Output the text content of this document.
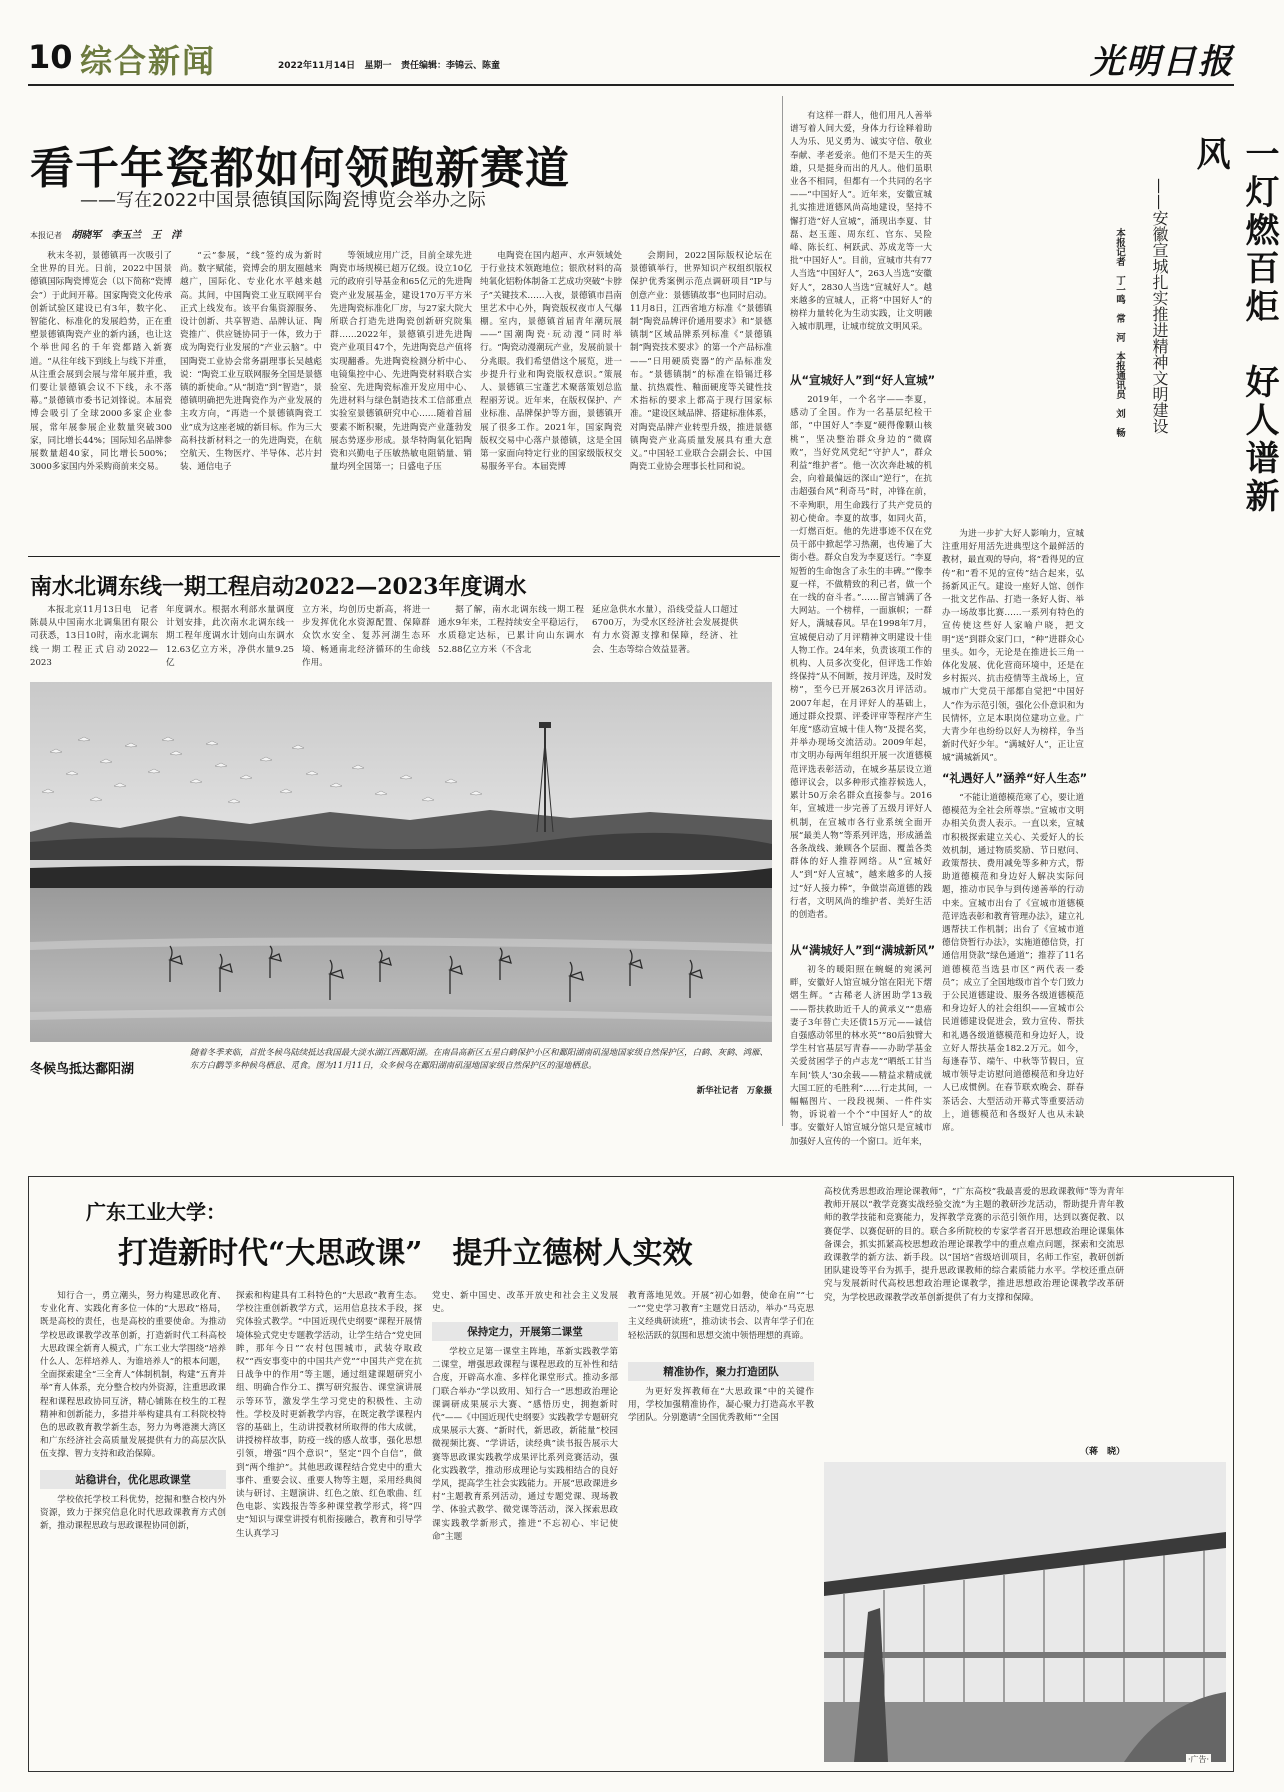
10 综合新闻	2022年11月14日 星期一 责任编辑：李锦云、陈童	光明日报
看千年瓷都如何领跑新赛道
——写在2022中国景德镇国际陶瓷博览会举办之际
本报记者 胡晓军　李玉兰　王　洋
秋末冬初，景德镇再一次吸引了全世界的目光。日前，2022中国景德镇国际陶瓷博览会（以下简称“瓷博会”）于此间开幕。国家陶瓷文化传承创新试验区建设已有3年，数字化、智能化、标准化的发展趋势，正在重塑景德镇陶瓷产业的新内涵，也让这个举世闻名的千年瓷都踏入新赛道。“从往年线下到线上与线下并重，从注重会展到会展与常年展并重，我们要让景德镇会议不下线，永不落幕。”景德镇市委书记刘锋说。本届瓷博会吸引了全球2000多家企业参展，常年展参展企业数量突破300家，同比增长44%；国际知名品牌参展数量超40家，同比增长500%；3000多家国内外采购商前来交易。
“云”参展，“线”签约成为新时尚。数字赋能，瓷博会的朋友圈越来越广，国际化、专业化水平越来越高。其间，中国陶瓷工业互联网平台正式上线发布。该平台集资源服务、设计创新、共享智造、品牌认证、陶瓷推广、供应链协同于一体，致力于成为陶瓷行业发展的“产业云脑”。中国陶瓷工业协会常务副理事长吴越彪说：“陶瓷工业互联网服务全国是景德镇的新使命。”从“制造”到“智造”，景德镇明确把先进陶瓷作为产业发展的主攻方向，“再造一个景德镇陶瓷工业”成为这座老城的新目标。作为三大高科技新材料之一的先进陶瓷，在航空航天、生物医疗、半导体、芯片封装、通信电子
等领域应用广泛，目前全球先进陶瓷市场规模已超万亿级。设立10亿元的政府引导基金和65亿元的先进陶瓷产业发展基金，建设170万平方米先进陶瓷标准化厂房，与27家大院大所联合打造先进陶瓷创新研究院集群……2022年，景德镇引进先进陶瓷产业项目47个，先进陶瓷总产值将实现翻番。先进陶瓷检测分析中心、电镜集控中心、先进陶瓷材料联合实验室、先进陶瓷标准开发应用中心、先进材料与绿色制造技术工信部重点实验室景德镇研究中心……随着首届要素不断积聚，先进陶瓷产业蓬勃发展态势逐步形成。景华特陶氧化铝陶瓷和兴勤电子压敏热敏电阻销量、销量均列全国第一；日盛电子压
电陶瓷在国内超声、水声领域处于行业技术领跑地位；银欣材料的高纯氧化铝粉体制备工艺成功突破“卡脖子”关键技术……入夜，景德镇市昌南里艺术中心外，陶瓷版权夜市人气爆棚。室内，景德镇首届青年潮玩展——“国潮陶瓷·玩动漫”同时举行。“陶瓷动漫潮玩产业，发展前景十分兆眼。我们希望借这个展览，进一步提升行业和陶瓷版权意识。”策展人、景德镇三宝蓬艺术聚落策划总监程丽芳说。近年来，在版权保护、产业标准、品牌保护等方面，景德镇开展了很多工作。2021年，国家陶瓷版权交易中心落户景德镇，这是全国第一家面向特定行业的国家级版权交易服务平台。本届瓷博
会期间，2022国际版权论坛在景德镇举行，世界知识产权组织版权保护优秀案例示范点调研项目“IP与创意产业：景德镇故事”也同时启动。11月8日，江西省地方标准《“景德镇制”陶瓷品牌评价通用要求》和“景德镇制”区域品牌系列标准《“景德镇制”陶瓷技术要求》的第一个产品标准——“日用硬质瓷器”的产品标准发布。“景德镇制”的标准在铅镉迁移量、抗热震性、釉面硬度等关键性技术指标的要求上都高于现行国家标准。“建设区域品牌、搭建标准体系，对陶瓷品牌产业转型升级，推进景德镇陶瓷产业高质量发展具有重大意义。”中国轻工业联合会副会长、中国陶瓷工业协会理事长杜同和说。
南水北调东线一期工程启动2022—2023年度调水
本报北京11月13日电　记者陈晨从中国南水北调集团有限公司获悉，13日10时，南水北调东线一期工程正式启动2022—2023
年度调水。根据水利部水量调度计划安排，此次南水北调东线一期工程年度调水计划向山东调水12.63亿立方米，净供水量9.25亿
立方米，均创历史新高，将进一步发挥优化水资源配置、保障群众饮水安全、复苏河湖生态环境、畅通南北经济循环的生命线作用。
据了解，南水北调东线一期工程通水9年来，工程持续安全平稳运行，水质稳定达标，已累计向山东调水52.88亿立方米（不含北
延应急供水水量），沿线受益人口超过6700万，为受水区经济社会发展提供有力水资源支撑和保障，经济、社会、生态等综合效益显著。
冬候鸟抵达鄱阳湖
随着冬季来临，首批冬候鸟陆续抵达我国最大淡水湖江西鄱阳湖。在南昌高新区五星白鹤保护小区和鄱阳湖南矶湿地国家级自然保护区，白鹤、灰鹤、鸿雁、东方白鹳等多种候鸟栖息、觅食。图为11月11日，众多候鸟在鄱阳湖南矶湿地国家级自然保护区的湿地栖息。
新华社记者　万象摄
一灯燃百炬　好人谱新风
——安徽宣城扎实推进精神文明建设
本报记者　丁一鸣　常　河　本报通讯员　刘　畅
有这样一群人，他们用凡人善举谱写着人间大爱，身体力行诠释着助人为乐、见义勇为、诚实守信、敬业奉献、孝老爱亲。他们不是天生的英雄，只是挺身而出的凡人。他们虽职业各不相同，但都有一个共同的名字——“中国好人”。近年来，安徽宣城扎实推进道德风尚高地建设，坚持不懈打造“好人宣城”，涌现出李夏、甘磊、赵玉莲、周东红、官东、吴险峰、陈长红、柯跃武、苏成龙等一大批“中国好人”。目前，宣城市共有77人当选“中国好人”，263人当选“安徽好人”，2830人当选“宣城好人”。越来越多的宣城人，正将“中国好人”的榜样力量转化为生动实践，让文明融入城市肌理，让城市绽放文明风采。
从“宣城好人”到“好人宣城”
2019年，一个名字——李夏，感动了全国。作为一名基层纪检干部，“中国好人”李夏“硬得像颗山核桃”，坚决整治群众身边的“微腐败”，当好党风党纪“守护人”，群众利益“维护者”。他一次次奔赴城的机会，向着最偏远的深山“逆行”，在抗击超强台风“利奇马”时，冲锋在前，不幸殉职，用生命践行了共产党员的初心使命。李夏的故事，如同火苗，一灯燃百炬。他的先进事迹不仅在党员干部中掀起学习热潮，也传遍了大街小巷。群众自发为李夏送行。“李夏短暂的生命饱含了永生的丰碑。”“像李夏一样，不做精致的利己者，做一个在一线的奋斗者。”……留言铺满了各大网站。一个榜样，一面旗帜；一群好人，满城春风。早在1998年7月，宣城便启动了月评精神文明建设十佳人物工作。24年来，负责该项工作的机构、人员多次变化，但评选工作始终保持“从不间断，按月评选，及时发榜”，至今已开展263次月评活动。2007年起，在月评好人的基础上，通过群众投票、评委评审等程序产生年度“感动宣城十佳人物”及提名奖，并举办现场交流活动。2009年起，市文明办每两年组织开展一次道德模范评选表彰活动，在城乡基层设立道德评议会，以多种形式推荐候选人，累计50万余名群众直接参与。2016年，宣城进一步完善了五级月评好人机制，在宣城市各行业系统全面开展“最美人物”等系列评选，形成涵盖各条战线、兼顾各个层面、覆盖各类群体的好人推荐网络。从“宣城好人”到“好人宣城”，越来越多的人接过“好人接力棒”，争做崇高道德的践行者，文明风尚的维护者、美好生活的创造者。
从“满城好人”到“满城新风”
初冬的暖阳照在蜿蜒的宛溪河畔，安徽好人馆宣城分馆在阳光下熠熠生辉。“古稀老人济困助学13载——帮扶救助近千人的黄承义”“患癌妻子3年替亡夫还债15万元——诚信自强感动邻里的林水英”“80后独臂大学生村官基层写青春——办助学基金关爱贫困学子的卢志龙”“晒纸工甘当车间‘铁人’30余载——精益求精成就大国工匠的毛胜利”……行走其间，一幅幅图片、一段段视频、一件件实物，诉说着一个个“中国好人”的故事。安徽好人馆宣城分馆只是宣城市加强好人宣传的一个窗口。近年来，
为进一步扩大好人影响力，宣城注重用好用活先进典型这个最鲜活的教材，最直观的导向，将“看得见的宣传”和“看不见的宣传”结合起来，弘扬新风正气。建设一座好人馆、创作一批文艺作品、打造一条好人街、举办一场故事比赛……一系列有特色的宣传使这些好人家喻户晓，把文明“送”到群众家门口，“种”进群众心里头。如今，无论是在推进长三角一体化发展、优化营商环境中，还是在乡村振兴、抗击疫情等主战场上，宣城市广大党员干部都自觉把“中国好人”作为示范引领，强化公仆意识和为民情怀，立足本职岗位建功立业。广大青少年也纷纷以好人为榜样，争当新时代好少年。“满城好人”，正让宣城“满城新风”。
“礼遇好人”涵养“好人生态”
“不能让道德模范寒了心，要让道德模范为全社会所尊崇。”宣城市文明办相关负责人表示。一直以来，宣城市积极探索建立关心、关爱好人的长效机制，通过物质奖励、节日慰问、政策帮扶、费用减免等多种方式，帮助道德模范和身边好人解决实际问题，推动市民争与到传递善举的行动中来。宣城市出台了《宣城市道德模范评选表彰和教育管理办法》，建立礼遇帮扶工作机制；出台了《宣城市道德信贷暂行办法》，实施道德信贷，打通信用贷款“绿色通道”；推荐了11名道德模范当选县市区“两代表一委员”；成立了全国地级市首个专门致力于公民道德建设、服务各级道德模范和身边好人的社会组织——宣城市公民道德建设促进会，致力宣传、帮扶和礼遇各级道德模范和身边好人，设立好人帮扶基金182.2万元。如今，每逢春节、端午、中秋等节假日，宣城市领导走访慰问道德模范和身边好人已成惯例。在春节联欢晚会、群春茶话会、大型活动开幕式等重要活动上，道德模范和各级好人也从未缺席。
广东工业大学：
打造新时代“大思政课”　提升立德树人实效
知行合一，勇立潮头，努力构建思政化育、专业化育、实践化育多位一体的“大思政”格局，既是高校的责任，也是高校的重要使命。为推动学校思政课教学改革创新，打造新时代工科高校大思政课全新育人模式，广东工业大学围绕“培养什么人、怎样培养人、为谁培养人”的根本问题，全面探索建全“三全育人”体制机制，构建“五育并举”育人体系，充分整合校内外资源，注重思政课程和课程思政协同互济，精心铺陈在校生的工程精神和创新能力，多措并举构建具有工科院校特色的思政教育教学新生态，努力为粤港澳大湾区和广东经济社会高质量发展提供有力的高层次队伍支撑、智力支持和政治保障。
站稳讲台，优化思政课堂
学校依托学校工科优势，挖掘和整合校内外资源，致力于探究信息化时代思政课教育方式创新，推动课程思政与思政课程协同创新，
探索和构建具有工科特色的“大思政”教育生态。学校注重创新教学方式，运用信息技术手段，探究体验式教学。“中国近现代史纲要”课程开展情境体验式党史专题教学活动，让学生结合“党史回眸，那年今日”“农村包围城市，武装夺取政权”“西安事变中的中国共产党”“中国共产党在抗日战争中的作用”等主题，通过组建课题研究小组、明确合作分工、撰写研究报告、课堂演讲展示等环节，激发学生学习党史的积极性、主动性。学校及时更新教学内容，在既定教学课程内容的基础上，生动讲授教材所取得的伟大成就，讲授榜样故事，防疫一线的感人故事，强化思想引领，增强“四个意识”，坚定“四个自信”，做到“两个维护”。其他思政课程结合党史中的重大事件、重要会议、重要人物等主题，采用经典阅读与研讨、主题演讲、红色之旅、红色歌曲、红色电影、实践报告等多种课堂教学形式，将“四史”知识与课堂讲授有机衔接融合，教育和引导学生认真学习
党史、新中国史、改革开放史和社会主义发展史。
保持定力，开展第二课堂
学校立足第一课堂主阵地，革新实践教学第二课堂，增强思政课程与课程思政的互补性和结合度，开辟高水准、多样化课堂形式。推动多部门联合举办“学以致用、知行合一”思想政治理论课调研成果展示大赛、“感悟历史，拥抱新时代”——《中国近现代史纲要》实践教学专题研究成果展示大赛、“新时代，新思政，新能量”校园微视频比赛、“学讲话，读经典”读书报告展示大赛等思政课实践教学成果评比系列竞赛活动，强化实践教学，推动形成理论与实践相结合的良好学风，提高学生社会实践能力。开展“思政课进乡村”主题教育系列活动，通过专题党课、现场教学、体验式教学、微党课等活动，深入探索思政课实践教学新形式，推进“不忘初心、牢记使命”主题
教育落地见效。开展“初心如磐，使命在肩”“七一”“党史学习教育”主题党日活动，举办“马克思主义经典研读班”，推动读书会、以青年学子们在轻松活跃的氛围和思想交流中领悟理想的真谛。
精准协作，聚力打造团队
为更好发挥教师在“大思政课”中的关键作用，学校加强精准协作，凝心聚力打造高水平教学团队。分别邀请“全国优秀教师”“全国
高校优秀思想政治理论课教师”，“广东高校”我最喜爱的思政课教师”等为青年教师开展以“教学竞赛实战经验交流”为主题的教研沙龙活动，帮助提升青年教师的教学技能和竞赛能力，发挥教学竞赛的示范引领作用，达到以赛促教、以赛促学、以赛促研的目的。联合多所院校的专家学者召开思想政治理论课集体备课会，抓实抓紧高校思想政治理论课教学中的重点难点问题，探索和交流思政课教学的新方法、新手段。以“国培”省级培训项目，名师工作室，教研创新团队建设等平台为抓手，提升思政课教师的综合素质能力水平。学校还重点研究与发展新时代高校思想政治理论课教学，推进思想政治理论课教学改革研究，为学校思政课教学改革创新提供了有力支撑和保障。
（蒋　晓）
·广告·
